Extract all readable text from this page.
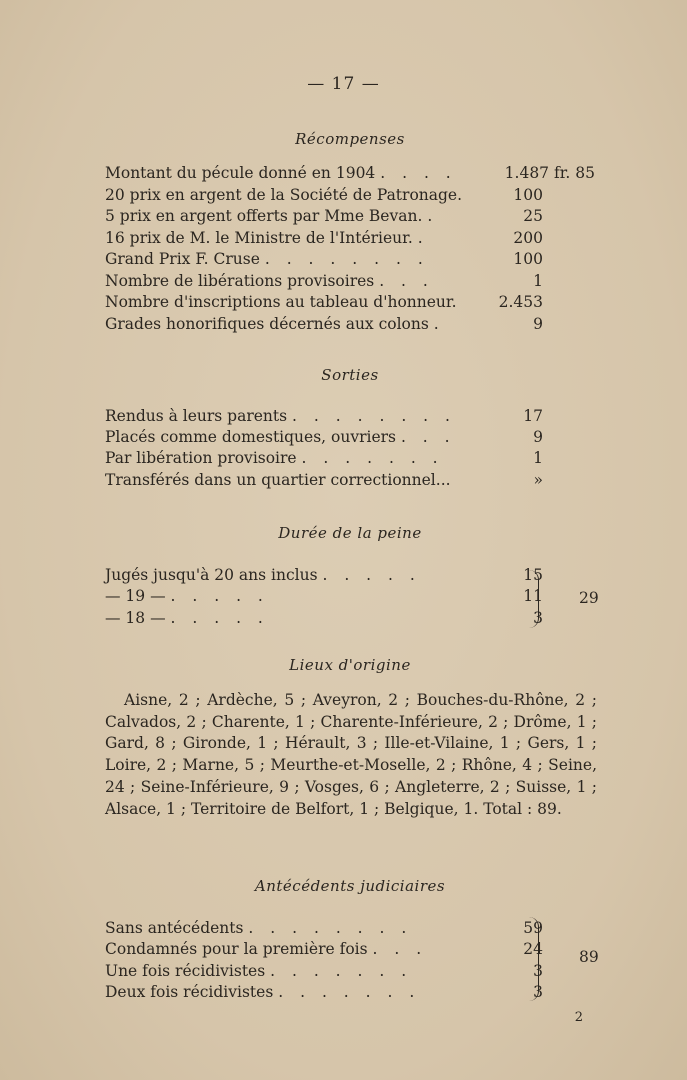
— 17 —
Récompenses
Montant du pécule donné en 1904 . . . .	1.487 fr. 85
20 prix en argent de la Société de Patronage.	100
5 prix en argent offerts par Mme Bevan. .	25
16 prix de M. le Ministre de l'Intérieur. .	200
Grand Prix F. Cruse . . . . . . . .	100
Nombre de libérations provisoires . . .	1
Nombre d'inscriptions au tableau d'honneur.	2.453
Grades honorifiques décernés aux colons .	9
Sorties
Rendus à leurs parents . . . . . . . .	17
Placés comme domestiques, ouvriers . . .	9
Par libération provisoire . . . . . . .	1
Transférés dans un quartier correctionnel...	»
Durée de la peine
Jugés jusqu'à 20 ans inclus . . . . .	15
— 19 — . . . . .	11
— 18 — . . . . .	3
29
Lieux d'origine
Aisne, 2 ; Ardèche, 5 ; Aveyron, 2 ; Bouches-du-Rhône, 2 ; Calvados, 2 ; Charente, 1 ; Charente-Inférieure, 2 ; Drôme, 1 ; Gard, 8 ; Gironde, 1 ; Hérault, 3 ; Ille-et-Vilaine, 1 ; Gers, 1 ; Loire, 2 ; Marne, 5 ; Meurthe-et-Moselle, 2 ; Rhône, 4 ; Seine, 24 ; Seine-Inférieure, 9 ; Vosges, 6 ; Angleterre, 2 ; Suisse, 1 ; Alsace, 1 ; Territoire de Belfort, 1 ; Belgique, 1. Total : 89.
Antécédents judiciaires
Sans antécédents . . . . . . . .	59
Condamnés pour la première fois . . .	24
Une fois récidivistes . . . . . . .	3
Deux fois récidivistes . . . . . . .	3
89
2
